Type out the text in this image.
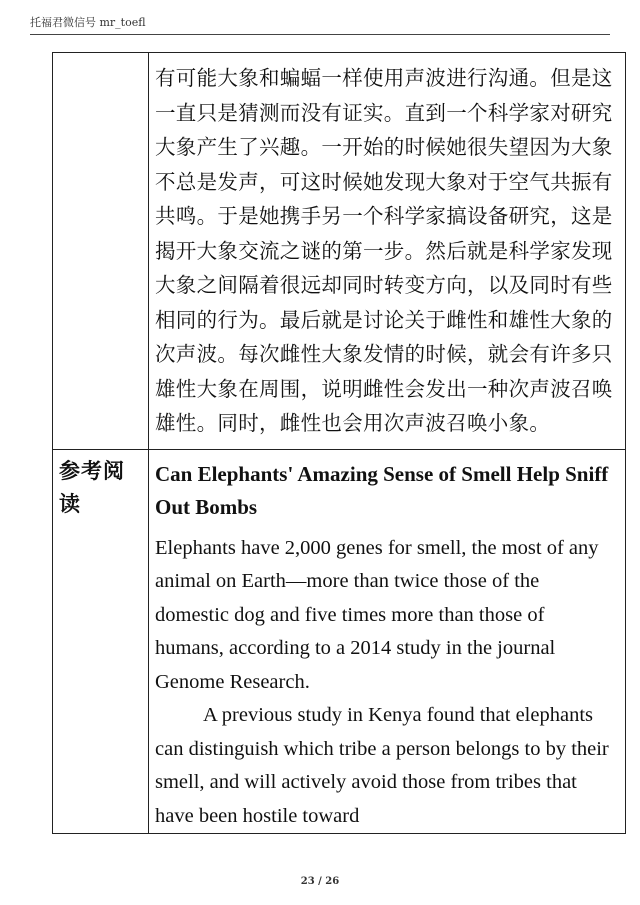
托福君微信号 mr_toefl

	有可能大象和蝙蝠一样使用声波进行沟通。但是这一直只是猜测而没有证实。直到一个科学家对研究大象产生了兴趣。一开始的时候她很失望因为大象不总是发声，可这时候她发现大象对于空气共振有共鸣。于是她携手另一个科学家搞设备研究，这是揭开大象交流之谜的第一步。然后就是科学家发现大象之间隔着很远却同时转变方向，以及同时有些相同的行为。最后就是讨论关于雌性和雄性大象的次声波。每次雌性大象发情的时候，就会有许多只雄性大象在周围，说明雌性会发出一种次声波召唤雄性。同时，雌性也会用次声波召唤小象。

参考阅读	Can Elephants' Amazing Sense of Smell Help Sniff Out Bombs

Elephants have 2,000 genes for smell, the most of any animal on Earth—more than twice those of the domestic dog and five times more than those of humans, according to a 2014 study in the journal Genome Research.

A previous study in Kenya found that elephants can distinguish which tribe a person belongs to by their smell, and will actively avoid those from tribes that have been hostile toward

23 / 26
